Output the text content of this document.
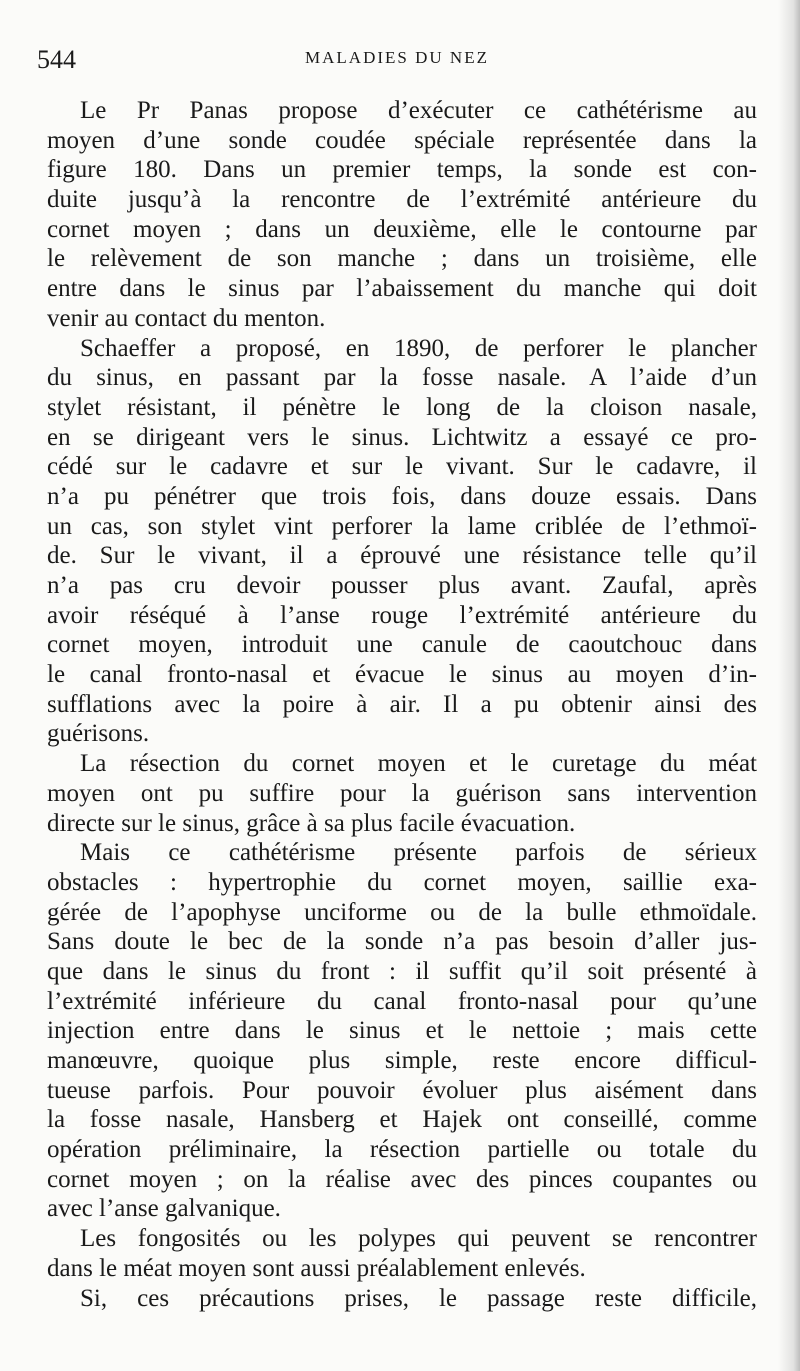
544	MALADIES DU NEZ
Le Pr Panas propose d’exécuter ce cathétérisme au
moyen d’une sonde coudée spéciale représentée dans la
figure 180. Dans un premier temps, la sonde est con-
duite jusqu’à la rencontre de l’extrémité antérieure du
cornet moyen ; dans un deuxième, elle le contourne par
le relèvement de son manche ; dans un troisième, elle
entre dans le sinus par l’abaissement du manche qui doit
venir au contact du menton.
Schaeffer a proposé, en 1890, de perforer le plancher
du sinus, en passant par la fosse nasale. A l’aide d’un
stylet résistant, il pénètre le long de la cloison nasale,
en se dirigeant vers le sinus. Lichtwitz a essayé ce pro-
cédé sur le cadavre et sur le vivant. Sur le cadavre, il
n’a pu pénétrer que trois fois, dans douze essais. Dans
un cas, son stylet vint perforer la lame criblée de l’ethmoï-
de. Sur le vivant, il a éprouvé une résistance telle qu’il
n’a pas cru devoir pousser plus avant. Zaufal, après
avoir réséqué à l’anse rouge l’extrémité antérieure du
cornet moyen, introduit une canule de caoutchouc dans
le canal fronto-nasal et évacue le sinus au moyen d’in-
sufflations avec la poire à air. Il a pu obtenir ainsi des
guérisons.
La résection du cornet moyen et le curetage du méat
moyen ont pu suffire pour la guérison sans intervention
directe sur le sinus, grâce à sa plus facile évacuation.
Mais ce cathétérisme présente parfois de sérieux
obstacles : hypertrophie du cornet moyen, saillie exa-
gérée de l’apophyse unciforme ou de la bulle ethmoïdale.
Sans doute le bec de la sonde n’a pas besoin d’aller jus-
que dans le sinus du front : il suffit qu’il soit présenté à
l’extrémité inférieure du canal fronto-nasal pour qu’une
injection entre dans le sinus et le nettoie ; mais cette
manœuvre, quoique plus simple, reste encore difficul-
tueuse parfois. Pour pouvoir évoluer plus aisément dans
la fosse nasale, Hansberg et Hajek ont conseillé, comme
opération préliminaire, la résection partielle ou totale du
cornet moyen ; on la réalise avec des pinces coupantes ou
avec l’anse galvanique.
Les fongosités ou les polypes qui peuvent se rencontrer
dans le méat moyen sont aussi préalablement enlevés.
Si, ces précautions prises, le passage reste difficile,
